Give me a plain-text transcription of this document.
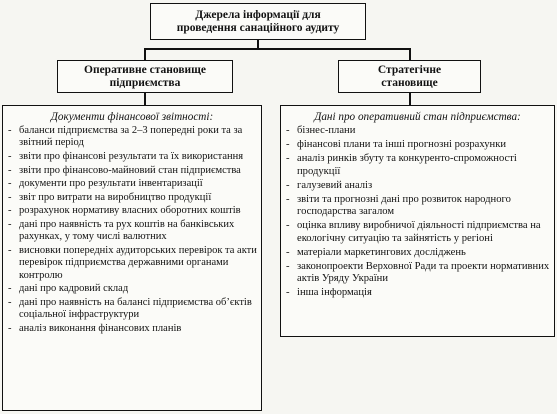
Джерела інформації для проведення санаційного аудиту
Оперативне становище підприємства
Стратегічне становище
Документи фінансової звітності:
- баланси підприємства за 2–3 попередні роки та за звітний період
- звіти про фінансові результати та їх використання
- звіти про фінансово-майновий стан підприємства
- документи про результати інвентаризації
- звіт про витрати на виробництво продукції
- розрахунок нормативу власних оборотних коштів
- дані про наявність та рух коштів на банківських рахунках, у тому числі валютних
- висновки попередніх аудиторських перевірок та акти перевірок підприємства державними органами контролю
- дані про кадровий склад
- дані про наявність на балансі підприємства об’єктів соціальної інфраструктури
- аналіз виконання фінансових планів
Дані про оперативний стан підприємства:
- бізнес-плани
- фінансові плани та інші прогнозні розрахунки
- аналіз ринків збуту та конкуренто-спроможності продукції
- галузевий аналіз
- звіти та прогнозні дані про розвиток народного господарства загалом
- оцінка впливу виробничої діяльності підприємства на екологічну ситуацію та зайнятість у регіоні
- матеріали маркетингових досліджень
- законопроекти Верховної Ради та проекти нормативних актів Уряду України
- інша інформація
